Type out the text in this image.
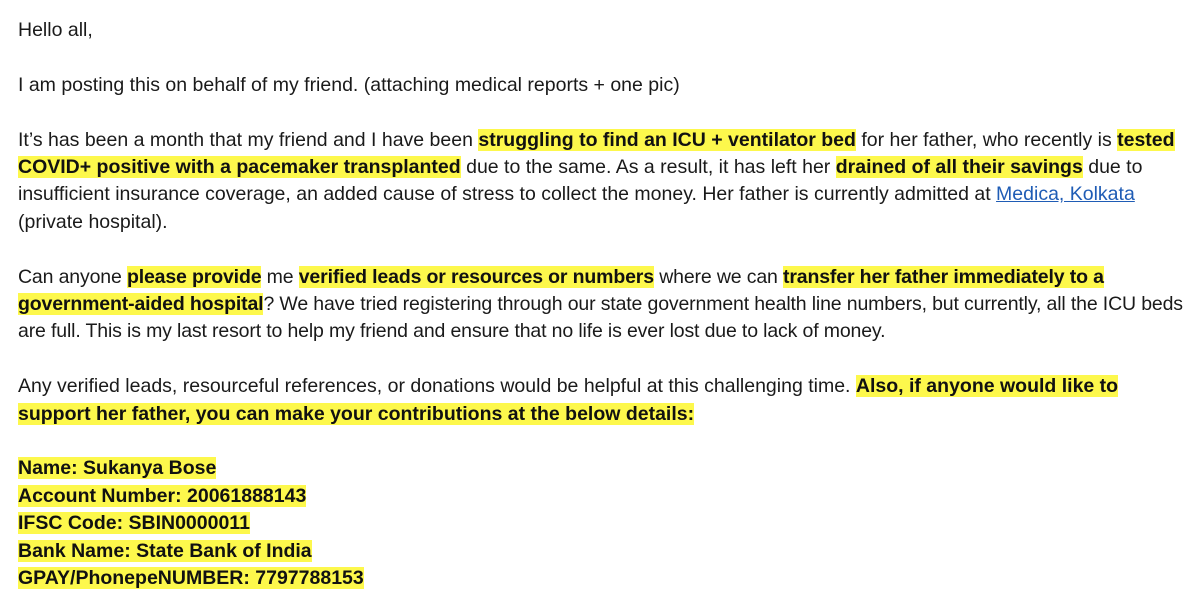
Hello all,

I am posting this on behalf of my friend. (attaching medical reports + one pic)

It’s has been a month that my friend and I have been struggling to find an ICU + ventilator bed for her father, who recently is tested COVID+ positive with a pacemaker transplanted due to the same. As a result, it has left her drained of all their savings due to insufficient insurance coverage, an added cause of stress to collect the money. Her father is currently admitted at Medica, Kolkata (private hospital).

Can anyone please provide me verified leads or resources or numbers where we can transfer her father immediately to a government-aided hospital? We have tried registering through our state government health line numbers, but currently, all the ICU beds are full. This is my last resort to help my friend and ensure that no life is ever lost due to lack of money.

Any verified leads, resourceful references, or donations would be helpful at this challenging time. Also, if anyone would like to support her father, you can make your contributions at the below details:

Name: Sukanya Bose
Account Number: 20061888143
IFSC Code: SBIN0000011
Bank Name: State Bank of India
GPAY/PhonepeNUMBER: 7797788153
